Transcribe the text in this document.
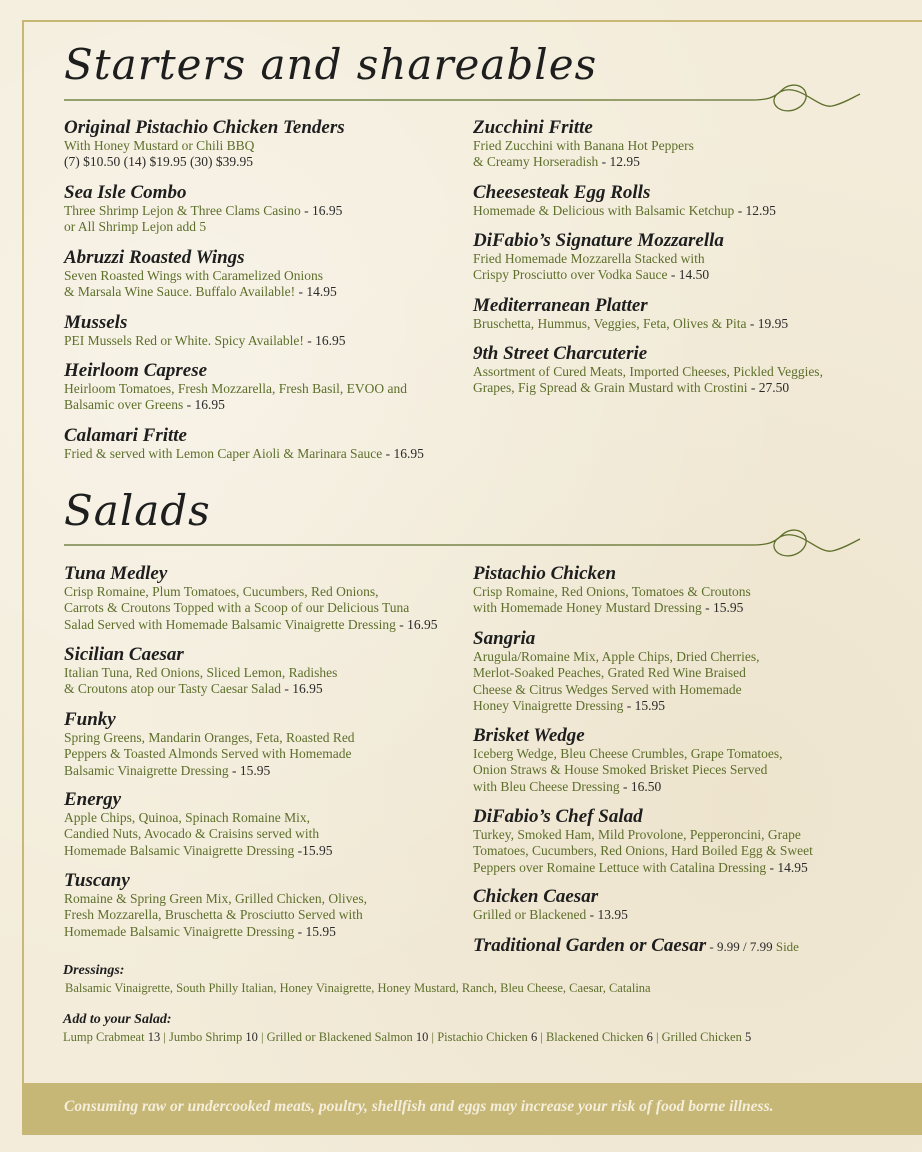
Starters and shareables
Original Pistachio Chicken Tenders
With Honey Mustard or Chili BBQ
(7) $10.50 (14) $19.95 (30) $39.95
Sea Isle Combo
Three Shrimp Lejon & Three Clams Casino - 16.95
or All Shrimp Lejon add 5
Abruzzi Roasted Wings
Seven Roasted Wings with Caramelized Onions
& Marsala Wine Sauce. Buffalo Available! - 14.95
Mussels
PEI Mussels Red or White. Spicy Available! - 16.95
Heirloom Caprese
Heirloom Tomatoes, Fresh Mozzarella, Fresh Basil, EVOO and
Balsamic over Greens - 16.95
Calamari Fritte
Fried & served with Lemon Caper Aioli & Marinara Sauce - 16.95
Zucchini Fritte
Fried Zucchini with Banana Hot Peppers
& Creamy Horseradish - 12.95
Cheesesteak Egg Rolls
Homemade & Delicious with Balsamic Ketchup - 12.95
DiFabio’s Signature Mozzarella
Fried Homemade Mozzarella Stacked with
Crispy Prosciutto over Vodka Sauce - 14.50
Mediterranean Platter
Bruschetta, Hummus, Veggies, Feta, Olives & Pita - 19.95
9th Street Charcuterie
Assortment of Cured Meats, Imported Cheeses, Pickled Veggies,
Grapes, Fig Spread & Grain Mustard with Crostini - 27.50
Salads
Tuna Medley
Crisp Romaine, Plum Tomatoes, Cucumbers, Red Onions,
Carrots & Croutons Topped with a Scoop of our Delicious Tuna
Salad Served with Homemade Balsamic Vinaigrette Dressing - 16.95
Sicilian Caesar
Italian Tuna, Red Onions, Sliced Lemon, Radishes
& Croutons atop our Tasty Caesar Salad - 16.95
Funky
Spring Greens, Mandarin Oranges, Feta, Roasted Red
Peppers & Toasted Almonds Served with Homemade
Balsamic Vinaigrette Dressing - 15.95
Energy
Apple Chips, Quinoa, Spinach Romaine Mix,
Candied Nuts, Avocado & Craisins served with
Homemade Balsamic Vinaigrette Dressing -15.95
Tuscany
Romaine & Spring Green Mix, Grilled Chicken, Olives,
Fresh Mozzarella, Bruschetta & Prosciutto Served with
Homemade Balsamic Vinaigrette Dressing - 15.95
Pistachio Chicken
Crisp Romaine, Red Onions, Tomatoes & Croutons
with Homemade Honey Mustard Dressing - 15.95
Sangria
Arugula/Romaine Mix, Apple Chips, Dried Cherries,
Merlot-Soaked Peaches, Grated Red Wine Braised
Cheese & Citrus Wedges Served with Homemade
Honey Vinaigrette Dressing - 15.95
Brisket Wedge
Iceberg Wedge, Bleu Cheese Crumbles, Grape Tomatoes,
Onion Straws & House Smoked Brisket Pieces Served
with Bleu Cheese Dressing - 16.50
DiFabio’s Chef Salad
Turkey, Smoked Ham, Mild Provolone, Pepperoncini, Grape
Tomatoes, Cucumbers, Red Onions, Hard Boiled Egg & Sweet
Peppers over Romaine Lettuce with Catalina Dressing - 14.95
Chicken Caesar
Grilled or Blackened - 13.95
Traditional Garden or Caesar - 9.99 / 7.99 Side
Dressings:
Balsamic Vinaigrette, South Philly Italian, Honey Vinaigrette, Honey Mustard, Ranch, Bleu Cheese, Caesar, Catalina
Add to your Salad:
Lump Crabmeat 13 | Jumbo Shrimp 10 | Grilled or Blackened Salmon 10 | Pistachio Chicken 6 | Blackened Chicken 6 | Grilled Chicken 5
Consuming raw or undercooked meats, poultry, shellfish and eggs may increase your risk of food borne illness.
